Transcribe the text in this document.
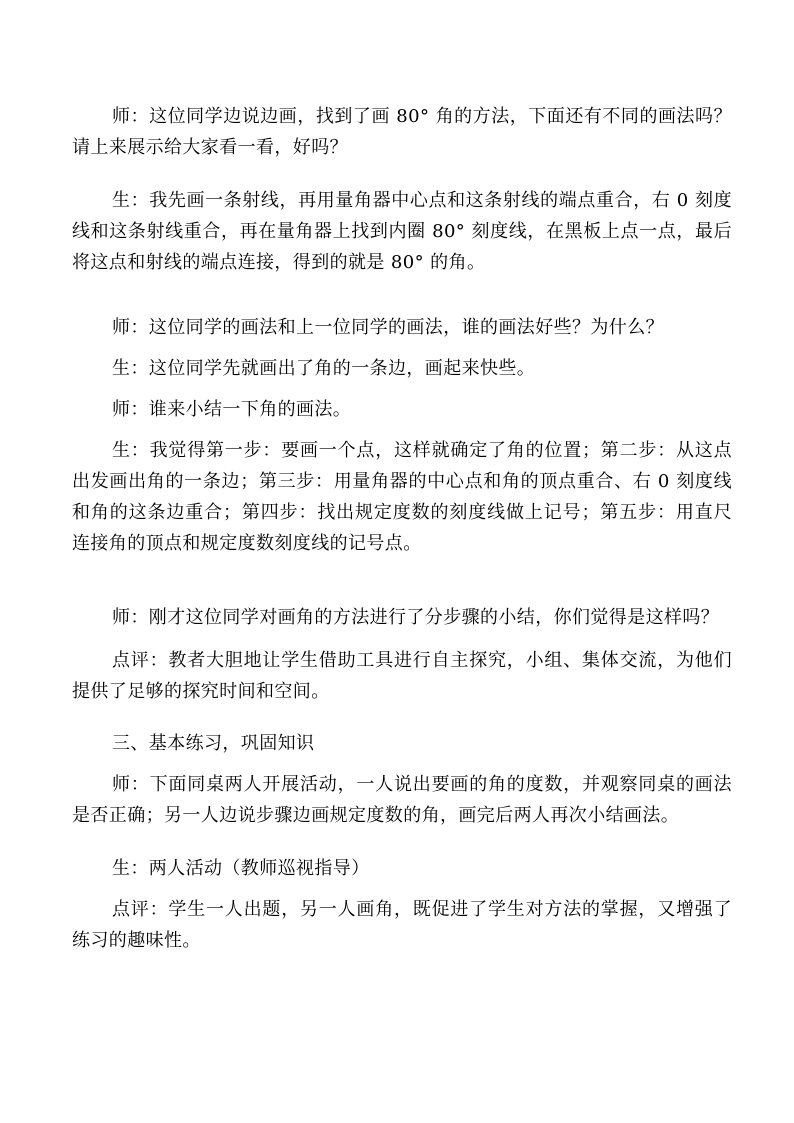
师：这位同学边说边画，找到了画 80° 角的方法，下面还有不同的画法吗？请上来展示给大家看一看，好吗？

生：我先画一条射线，再用量角器中心点和这条射线的端点重合，右 0 刻度线和这条射线重合，再在量角器上找到内圈 80° 刻度线，在黑板上点一点，最后将这点和射线的端点连接，得到的就是 80° 的角。

师：这位同学的画法和上一位同学的画法，谁的画法好些？为什么？

生：这位同学先就画出了角的一条边，画起来快些。

师：谁来小结一下角的画法。

生：我觉得第一步：要画一个点，这样就确定了角的位置；第二步：从这点出发画出角的一条边；第三步：用量角器的中心点和角的顶点重合、右 0 刻度线和角的这条边重合；第四步：找出规定度数的刻度线做上记号；第五步：用直尺连接角的顶点和规定度数刻度线的记号点。

师：刚才这位同学对画角的方法进行了分步骤的小结，你们觉得是这样吗？

点评：教者大胆地让学生借助工具进行自主探究，小组、集体交流，为他们提供了足够的探究时间和空间。

三、基本练习，巩固知识

师：下面同桌两人开展活动，一人说出要画的角的度数，并观察同桌的画法是否正确；另一人边说步骤边画规定度数的角，画完后两人再次小结画法。

生：两人活动（教师巡视指导）

点评：学生一人出题，另一人画角，既促进了学生对方法的掌握，又增强了练习的趣味性。
